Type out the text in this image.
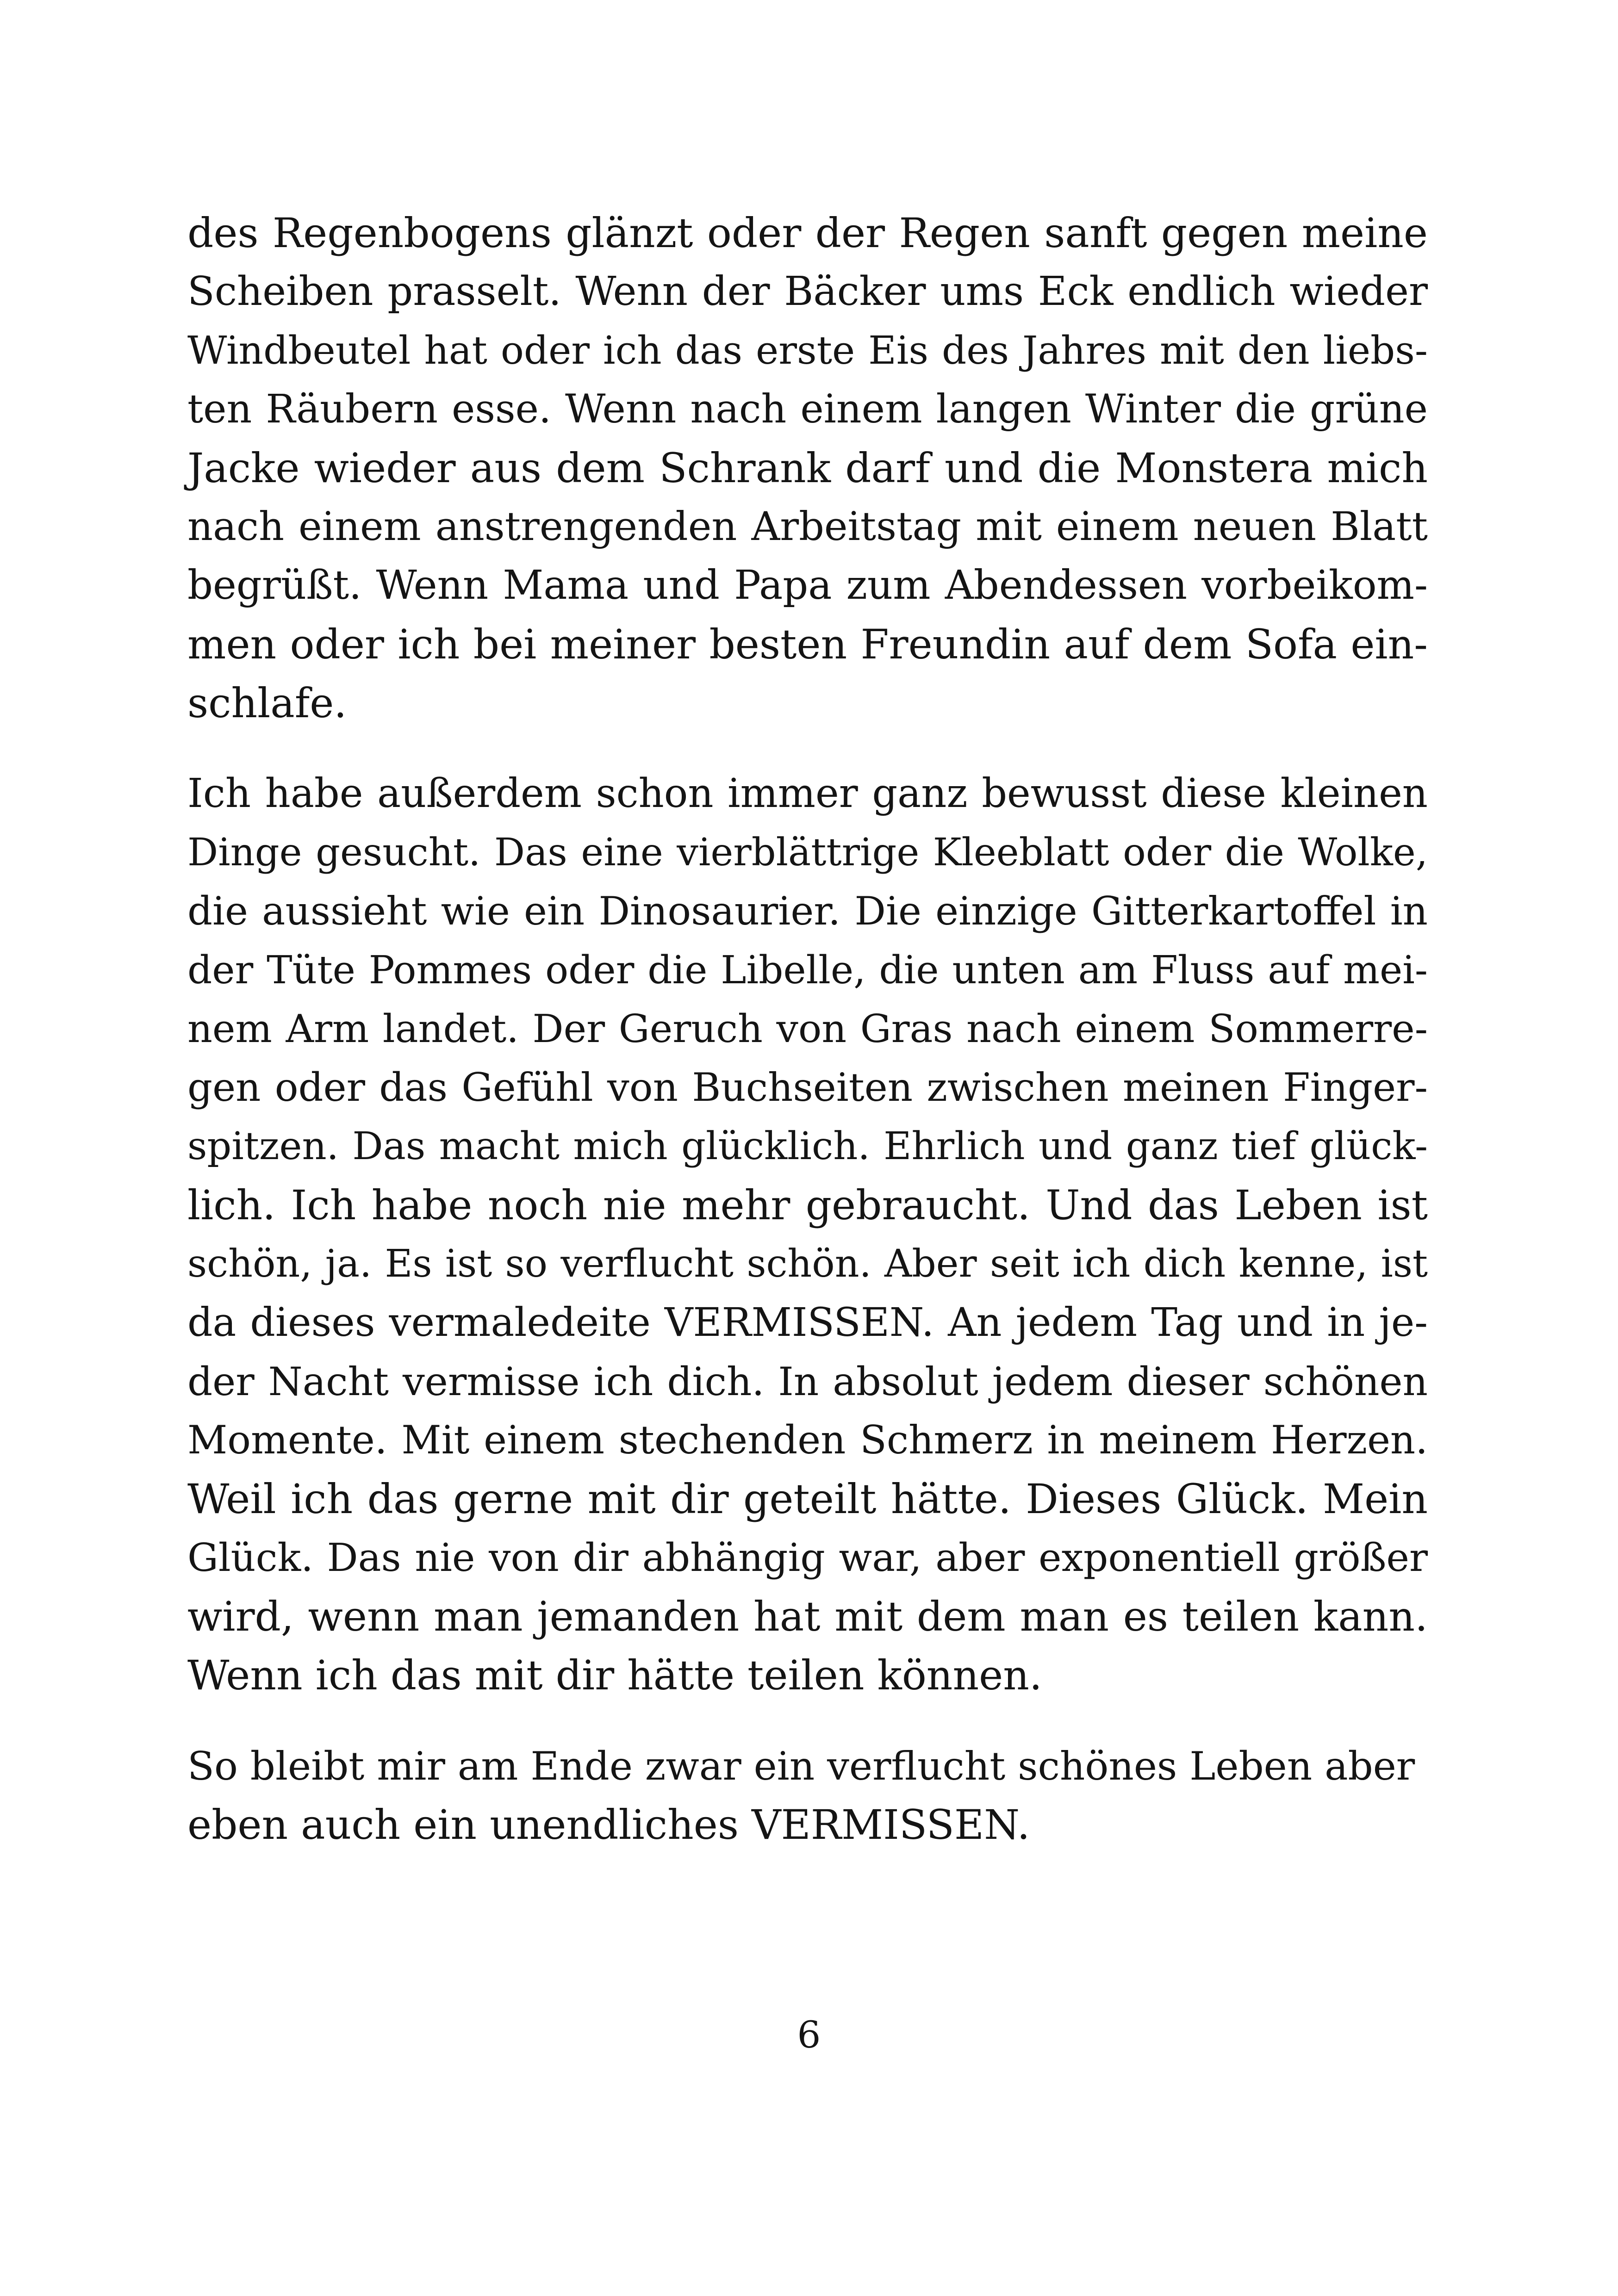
des Regenbogens glänzt oder der Regen sanft gegen meine
Scheiben prasselt. Wenn der Bäcker ums Eck endlich wieder
Windbeutel hat oder ich das erste Eis des Jahres mit den liebs-
ten Räubern esse. Wenn nach einem langen Winter die grüne
Jacke wieder aus dem Schrank darf und die Monstera mich
nach einem anstrengenden Arbeitstag mit einem neuen Blatt
begrüßt. Wenn Mama und Papa zum Abendessen vorbeikom-
men oder ich bei meiner besten Freundin auf dem Sofa ein-
schlafe.
Ich habe außerdem schon immer ganz bewusst diese kleinen
Dinge gesucht. Das eine vierblättrige Kleeblatt oder die Wolke,
die aussieht wie ein Dinosaurier. Die einzige Gitterkartoffel in
der Tüte Pommes oder die Libelle, die unten am Fluss auf mei-
nem Arm landet. Der Geruch von Gras nach einem Sommerre-
gen oder das Gefühl von Buchseiten zwischen meinen Finger-
spitzen. Das macht mich glücklich. Ehrlich und ganz tief glück-
lich. Ich habe noch nie mehr gebraucht. Und das Leben ist
schön, ja. Es ist so verflucht schön. Aber seit ich dich kenne, ist
da dieses vermaledeite VERMISSEN. An jedem Tag und in je-
der Nacht vermisse ich dich. In absolut jedem dieser schönen
Momente. Mit einem stechenden Schmerz in meinem Herzen.
Weil ich das gerne mit dir geteilt hätte. Dieses Glück. Mein
Glück. Das nie von dir abhängig war, aber exponentiell größer
wird, wenn man jemanden hat mit dem man es teilen kann.
Wenn ich das mit dir hätte teilen können.
So bleibt mir am Ende zwar ein verflucht schönes Leben aber
eben auch ein unendliches VERMISSEN.
6
